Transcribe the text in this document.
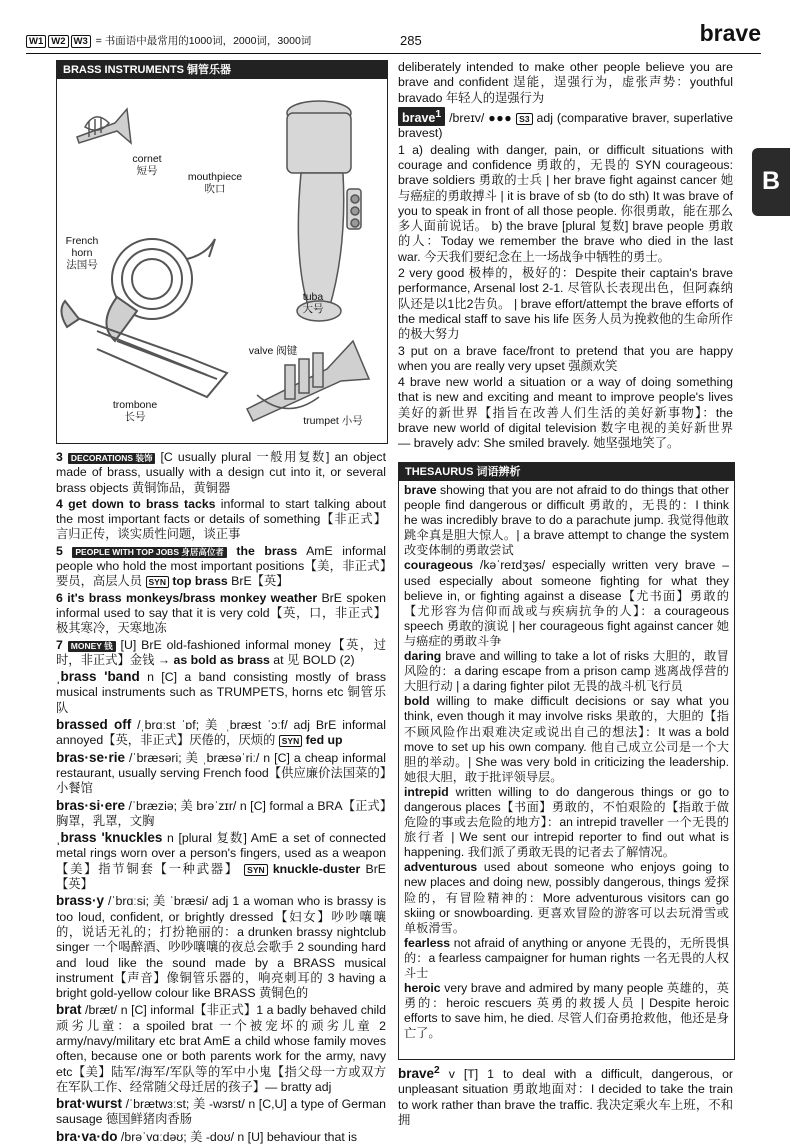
W1 W2 W3 = 书面语中最常用的1000词，2000词，3000词	285	brave
B
BRASS INSTRUMENTS 铜管乐器
cornet
短号	mouthpiece
吹口
French horn
法国号
tuba
大号
valve 阀键
trombone
长号	trumpet 小号

3 DECORATIONS 装饰 [C usually plural 一般用复数] an object made of brass, usually with a design cut into it, or several brass objects 黄铜饰品，黄铜器

4 get down to brass tacks informal to start talking about the most important facts or details of something【非正式】言归正传，谈实质性问题，谈正事

5 PEOPLE WITH TOP JOBS 身居高位者 the brass AmE informal people who hold the most important positions【美，非正式】要员，高层人员 SYN top brass BrE【英】

6 it's brass monkeys/brass monkey weather BrE spoken informal used to say that it is very cold【英，口，非正式】极其寒冷，天寒地冻

7 MONEY 钱 [U] BrE old-fashioned informal money【英，过时，非正式】金钱 → as bold as brass at 见 BOLD (2)

ˌbrass 'band n [C] a band consisting mostly of brass musical instruments such as TRUMPETS, horns etc 铜管乐队

brassed off /ˌbrɑːst ˈɒf; 美 ˌbræst ˈɔːf/ adj BrE informal annoyed【英，非正式】厌倦的，厌烦的 SYN fed up

bras·se·rie /ˈbræsəri; 美 ˌbræsəˈriː/ n [C] a cheap informal restaurant, usually serving French food【供应廉价法国菜的】小餐馆

bras·si·ere /ˈbræziə; 美 brəˈzɪr/ n [C] formal a BRA【正式】胸罩，乳罩，文胸

ˌbrass 'knuckles n [plural 复数] AmE a set of connected metal rings worn over a person's fingers, used as a weapon【美】指节铜套【一种武器】 SYN knuckle-duster BrE【英】

brass·y /ˈbrɑːsi; 美 ˈbræsi/ adj 1 a woman who is brassy is too loud, confident, or brightly dressed【妇女】吵吵嚷嚷的，说话无礼的；打扮艳丽的：a drunken brassy nightclub singer 一个喝醉酒、吵吵嚷嚷的夜总会歌手 2 sounding hard and loud like the sound made by a BRASS musical instrument【声音】像铜管乐器的，响亮刺耳的 3 having a bright gold-yellow colour like BRASS 黄铜色的

brat /bræt/ n [C] informal【非正式】1 a badly behaved child 顽劣儿童：a spoiled brat 一个被宠坏的顽劣儿童 2 army/navy/military etc brat AmE a child whose family moves often, because one or both parents work for the army, navy etc【美】陆军/海军/军队等的军中小鬼【指父母一方或双方在军队工作、经常随父母迁居的孩子】— bratty adj

brat·wurst /ˈbrætwɜːst; 美 -wɜrst/ n [C,U] a type of German sausage 德国鲜猪肉香肠

bra·va·do /brəˈvɑːdəʊ; 美 -doʊ/ n [U] behaviour that is

deliberately intended to make other people believe you are brave and confident 逞能，逞强行为，虚张声势：youthful bravado 年轻人的逞强行为

brave$^1$ /breɪv/ ●●● S3 adj (comparative braver, superlative bravest)

1 a) dealing with danger, pain, or difficult situations with courage and confidence 勇敢的，无畏的 SYN courageous: brave soldiers 勇敢的士兵 | her brave fight against cancer 她与癌症的勇敢搏斗 | it is brave of sb (to do sth) It was brave of you to speak in front of all those people. 你很勇敢，能在那么多人面前说话。 b) the brave [plural 复数] brave people 勇敢的人：Today we remember the brave who died in the last war. 今天我们要纪念在上一场战争中牺牲的勇士。

2 very good 极棒的，极好的：Despite their captain's brave performance, Arsenal lost 2-1. 尽管队长表现出色，但阿森纳队还是以1比2告负。 | brave effort/attempt the brave efforts of the medical staff to save his life 医务人员为挽救他的生命所作的极大努力

3 put on a brave face/front to pretend that you are happy when you are really very upset 强颜欢笑

4 brave new world a situation or a way of doing something that is new and exciting and meant to improve people's lives 美好的新世界【指旨在改善人们生活的美好新事物】：the brave new world of digital television 数字电视的美好新世界 — bravely adv: She smiled bravely. 她坚强地笑了。

THESAURUS 词语辨析

brave showing that you are not afraid to do things that other people find dangerous or difficult 勇敢的，无畏的：I think he was incredibly brave to do a parachute jump. 我觉得他敢跳伞真是胆大惊人。| a brave attempt to change the system 改变体制的勇敢尝试

courageous /kəˈreɪdʒəs/ especially written very brave – used especially about someone fighting for what they believe in, or fighting against a disease【尤书面】勇敢的【尤形容为信仰而战或与疾病抗争的人】：a courageous speech 勇敢的演说 | her courageous fight against cancer 她与癌症的勇敢斗争

daring brave and willing to take a lot of risks 大胆的，敢冒风险的：a daring escape from a prison camp 逃离战俘营的大胆行动 | a daring fighter pilot 无畏的战斗机飞行员

bold willing to make difficult decisions or say what you think, even though it may involve risks 果敢的，大胆的【指不顾风险作出艰难决定或说出自己的想法】：It was a bold move to set up his own company. 他自己成立公司是一个大胆的举动。| She was very bold in criticizing the leadership. 她很大胆，敢于批评领导层。

intrepid written willing to do dangerous things or go to dangerous places【书面】勇敢的，不怕艰险的【指敢于做危险的事或去危险的地方】：an intrepid traveller 一个无畏的旅行者 | We sent our intrepid reporter to find out what is happening. 我们派了勇敢无畏的记者去了解情况。

adventurous used about someone who enjoys going to new places and doing new, possibly dangerous, things 爱探险的，有冒险精神的：More adventurous visitors can go skiing or snowboarding. 更喜欢冒险的游客可以去玩滑雪或单板滑雪。

fearless not afraid of anything or anyone 无畏的，无所畏惧的：a fearless campaigner for human rights 一名无畏的人权斗士

heroic very brave and admired by many people 英雄的，英勇的：heroic rescuers 英勇的救援人员 | Despite heroic efforts to save him, he died. 尽管人们奋勇抢救他，他还是身亡了。

brave$^2$ v [T] 1 to deal with a difficult, dangerous, or unpleasant situation 勇敢地面对：I decided to take the train to work rather than brave the traffic. 我决定乘火车上班，不和拥
